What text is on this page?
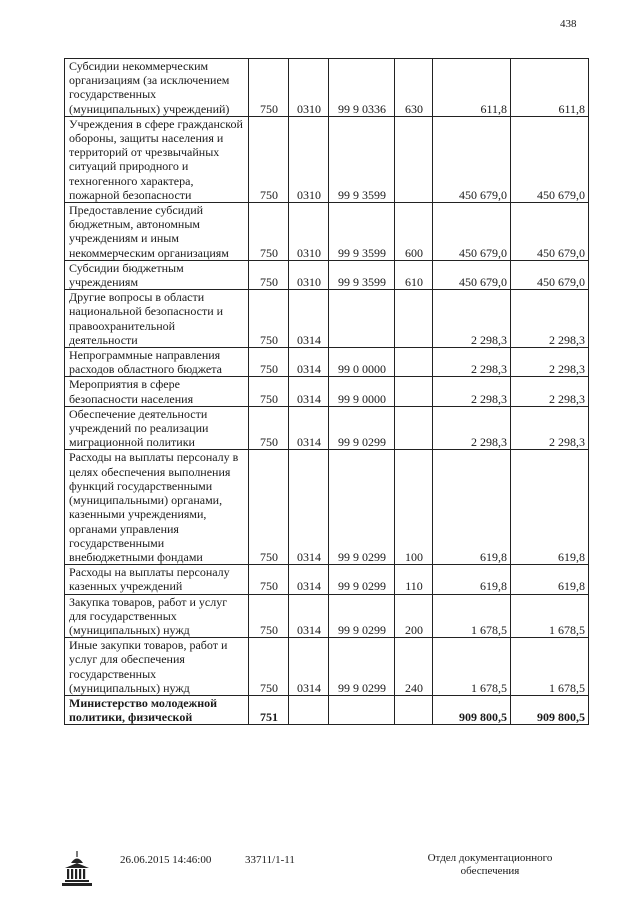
438
Субсидии некоммерческим организациям (за исключением государственных (муниципальных) учреждений)	750	0310	99 9 0336	630	611,8	611,8
Учреждения в сфере гражданской обороны, защиты населения и территорий от чрезвычайных ситуаций природного и техногенного характера, пожарной безопасности	750	0310	99 9 3599		450 679,0	450 679,0
Предоставление субсидий бюджетным, автономным учреждениям и иным некоммерческим организациям	750	0310	99 9 3599	600	450 679,0	450 679,0
Субсидии бюджетным учреждениям	750	0310	99 9 3599	610	450 679,0	450 679,0
Другие вопросы в области национальной безопасности и правоохранительной деятельности	750	0314			2 298,3	2 298,3
Непрограммные направления расходов областного бюджета	750	0314	99 0 0000		2 298,3	2 298,3
Мероприятия в сфере безопасности населения	750	0314	99 9 0000		2 298,3	2 298,3
Обеспечение деятельности учреждений по реализации миграционной политики	750	0314	99 9 0299		2 298,3	2 298,3
Расходы на выплаты персоналу в целях обеспечения выполнения функций государственными (муниципальными) органами, казенными учреждениями, органами управления государственными внебюджетными фондами	750	0314	99 9 0299	100	619,8	619,8
Расходы на выплаты персоналу казенных учреждений	750	0314	99 9 0299	110	619,8	619,8
Закупка товаров, работ и услуг для государственных (муниципальных) нужд	750	0314	99 9 0299	200	1 678,5	1 678,5
Иные закупки товаров, работ и услуг для обеспечения государственных (муниципальных) нужд	750	0314	99 9 0299	240	1 678,5	1 678,5
Министерство молодежной политики, физической	751				909 800,5	909 800,5
26.06.2015 14:46:00	33711/1-11	Отдел документационного обеспечения
